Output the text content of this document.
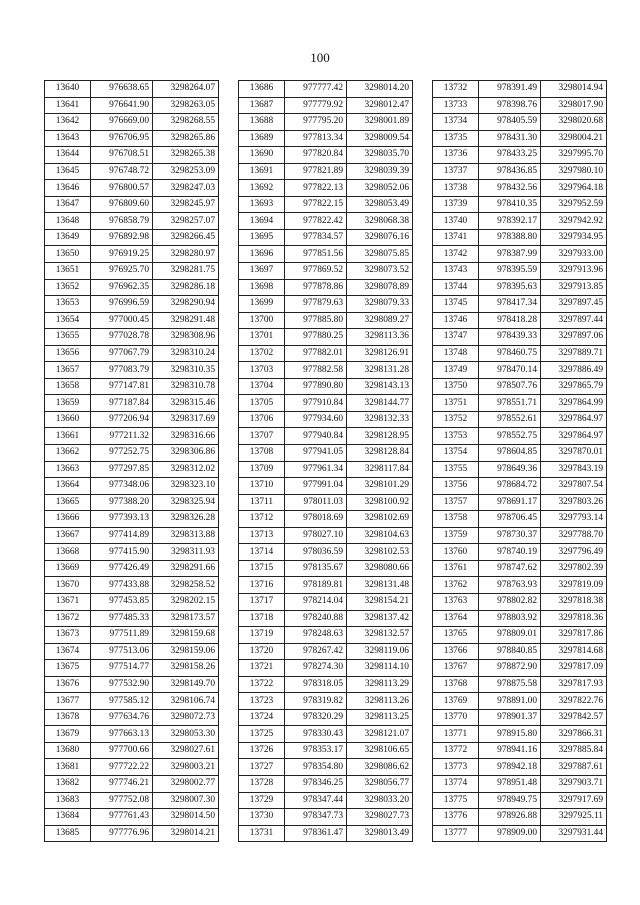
100
13640	976638.65	3298264.07
13641	976641.90	3298263.05
13642	976669.00	3298268.55
13643	976706.95	3298265.86
13644	976708.51	3298265.38
13645	976748.72	3298253.09
13646	976800.57	3298247.03
13647	976809.60	3298245.97
13648	976858.79	3298257.07
13649	976892.98	3298266.45
13650	976919.25	3298280.97
13651	976925.70	3298281.75
13652	976962.35	3298286.18
13653	976996.59	3298290.94
13654	977000.45	3298291.48
13655	977028.78	3298308.96
13656	977067.79	3298310.24
13657	977083.79	3298310.35
13658	977147.81	3298310.78
13659	977187.84	3298315.46
13660	977206.94	3298317.69
13661	977211.32	3298316.66
13662	977252.75	3298306.86
13663	977297.85	3298312.02
13664	977348.06	3298323.10
13665	977388.20	3298325.94
13666	977393.13	3298326.28
13667	977414.89	3298313.88
13668	977415.90	3298311.93
13669	977426.49	3298291.66
13670	977433.88	3298258.52
13671	977453.85	3298202.15
13672	977485.33	3298173.57
13673	977511.89	3298159.68
13674	977513.06	3298159.06
13675	977514.77	3298158.26
13676	977532.90	3298149.70
13677	977585.12	3298106.74
13678	977634.76	3298072.73
13679	977663.13	3298053.30
13680	977700.66	3298027.61
13681	977722.22	3298003.21
13682	977746.21	3298002.77
13683	977752.08	3298007.30
13684	977761.43	3298014.50
13685	977776.96	3298014.21
13686	977777.42	3298014.20
13687	977779.92	3298012.47
13688	977795.20	3298001.89
13689	977813.34	3298009.54
13690	977820.84	3298035.70
13691	977821.89	3298039.39
13692	977822.13	3298052.06
13693	977822.15	3298053.49
13694	977822.42	3298068.38
13695	977834.57	3298076.16
13696	977851.56	3298075.85
13697	977869.52	3298073.52
13698	977878.86	3298078.89
13699	977879.63	3298079.33
13700	977885.80	3298089.27
13701	977880.25	3298113.36
13702	977882.01	3298126.91
13703	977882.58	3298131.28
13704	977890.80	3298143.13
13705	977910.84	3298144.77
13706	977934.60	3298132.33
13707	977940.84	3298128.95
13708	977941.05	3298128.84
13709	977961.34	3298117.84
13710	977991.04	3298101.29
13711	978011.03	3298100.92
13712	978018.69	3298102.69
13713	978027.10	3298104.63
13714	978036.59	3298102.53
13715	978135.67	3298080.66
13716	978189.81	3298131.48
13717	978214.04	3298154.21
13718	978240.88	3298137.42
13719	978248.63	3298132.57
13720	978267.42	3298119.06
13721	978274.30	3298114.10
13722	978318.05	3298113.29
13723	978319.82	3298113.26
13724	978320.29	3298113.25
13725	978330.43	3298121.07
13726	978353.17	3298106.65
13727	978354.80	3298086.62
13728	978346.25	3298056.77
13729	978347.44	3298033.20
13730	978347.73	3298027.73
13731	978361.47	3298013.49
13732	978391.49	3298014.94
13733	978398.76	3298017.90
13734	978405.59	3298020.68
13735	978431.30	3298004.21
13736	978433.25	3297995.70
13737	978436.85	3297980.10
13738	978432.56	3297964.18
13739	978410.35	3297952.59
13740	978392.17	3297942.92
13741	978388.80	3297934.95
13742	978387.99	3297933.00
13743	978395.59	3297913.96
13744	978395.63	3297913.85
13745	978417.34	3297897.45
13746	978418.28	3297897.44
13747	978439.33	3297897.06
13748	978460.75	3297889.71
13749	978470.14	3297886.49
13750	978507.76	3297865.79
13751	978551.71	3297864.99
13752	978552.61	3297864.97
13753	978552.75	3297864.97
13754	978604.85	3297870.01
13755	978649.36	3297843.19
13756	978684.72	3297807.54
13757	978691.17	3297803.26
13758	978706.45	3297793.14
13759	978730.37	3297788.70
13760	978740.19	3297796.49
13761	978747.62	3297802.39
13762	978763.93	3297819.09
13763	978802.82	3297818.38
13764	978803.92	3297818.36
13765	978809.01	3297817.86
13766	978840.85	3297814.68
13767	978872.90	3297817.09
13768	978875.58	3297817.93
13769	978891.00	3297822.76
13770	978901.37	3297842.57
13771	978915.80	3297866.31
13772	978941.16	3297885.84
13773	978942.18	3297887.61
13774	978951.48	3297903.71
13775	978949.75	3297917.69
13776	978926.88	3297925.11
13777	978909.00	3297931.44
